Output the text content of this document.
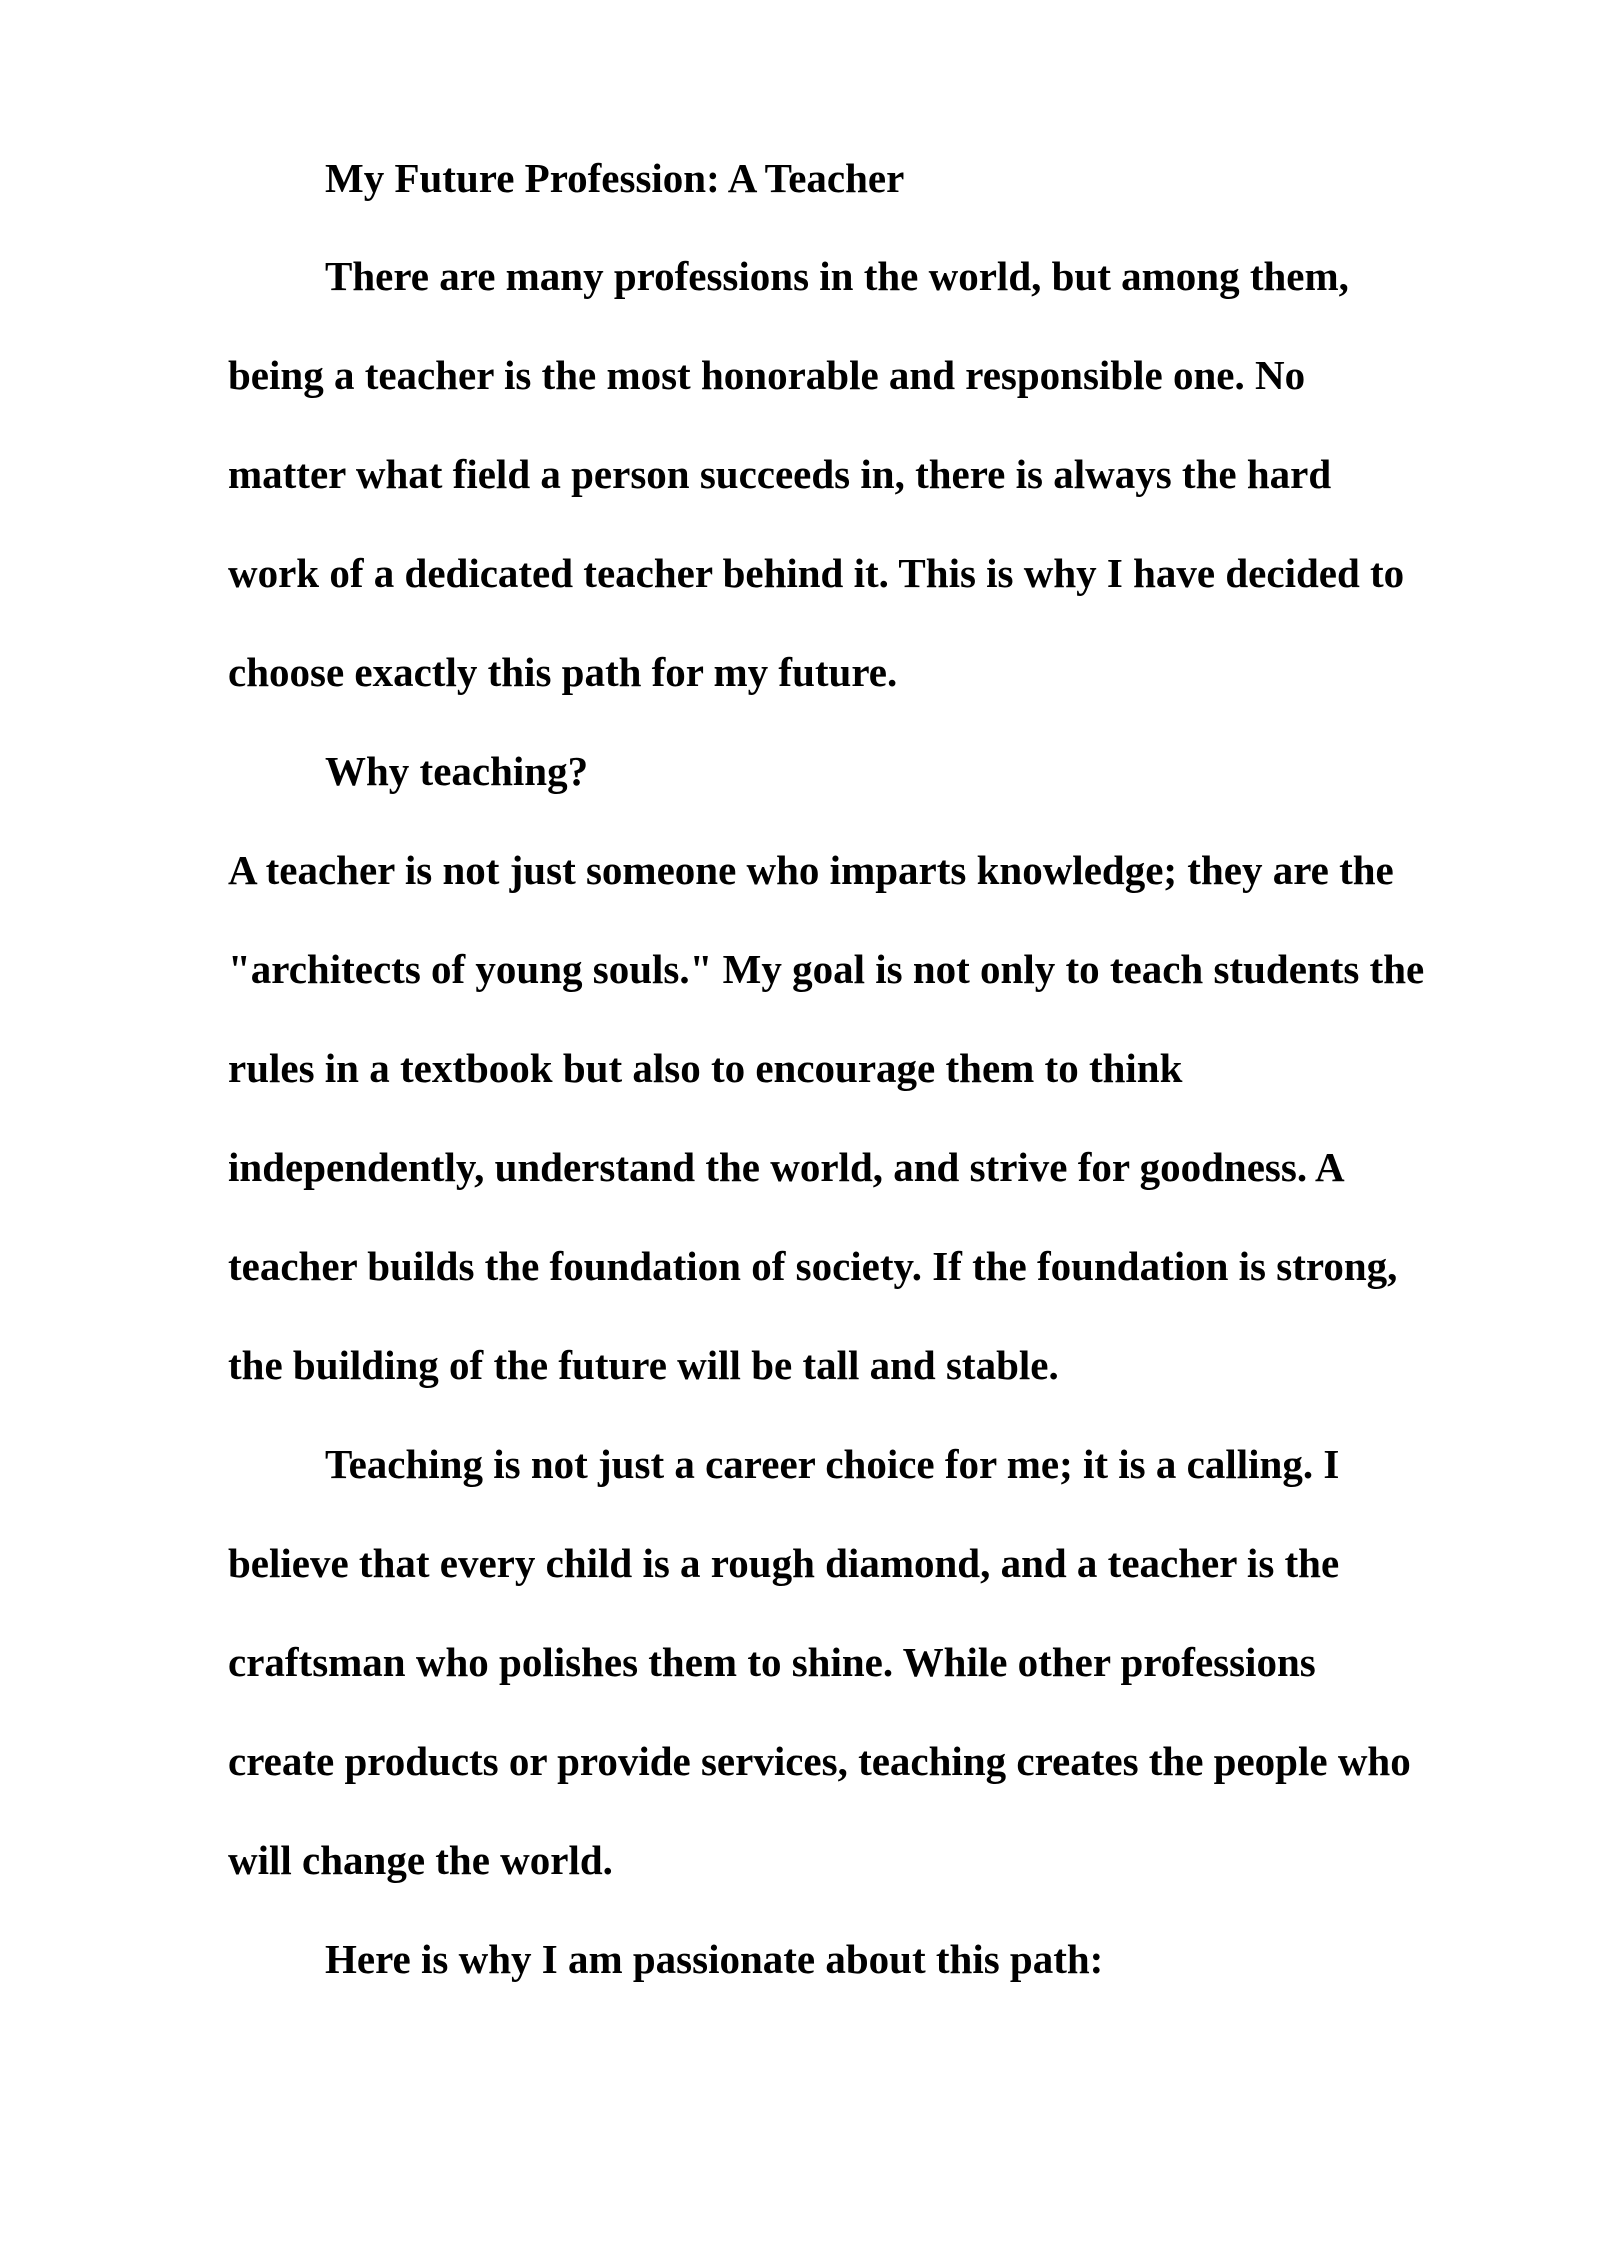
My Future Profession: A Teacher

There are many professions in the world, but among them,
being a teacher is the most honorable and responsible one. No
matter what field a person succeeds in, there is always the hard
work of a dedicated teacher behind it. This is why I have decided to
choose exactly this path for my future.

Why teaching?

A teacher is not just someone who imparts knowledge; they are the
"architects of young souls." My goal is not only to teach students the
rules in a textbook but also to encourage them to think
independently, understand the world, and strive for goodness. A
teacher builds the foundation of society. If the foundation is strong,
the building of the future will be tall and stable.

Teaching is not just a career choice for me; it is a calling. I
believe that every child is a rough diamond, and a teacher is the
craftsman who polishes them to shine. While other professions
create products or provide services, teaching creates the people who
will change the world.

Here is why I am passionate about this path:
